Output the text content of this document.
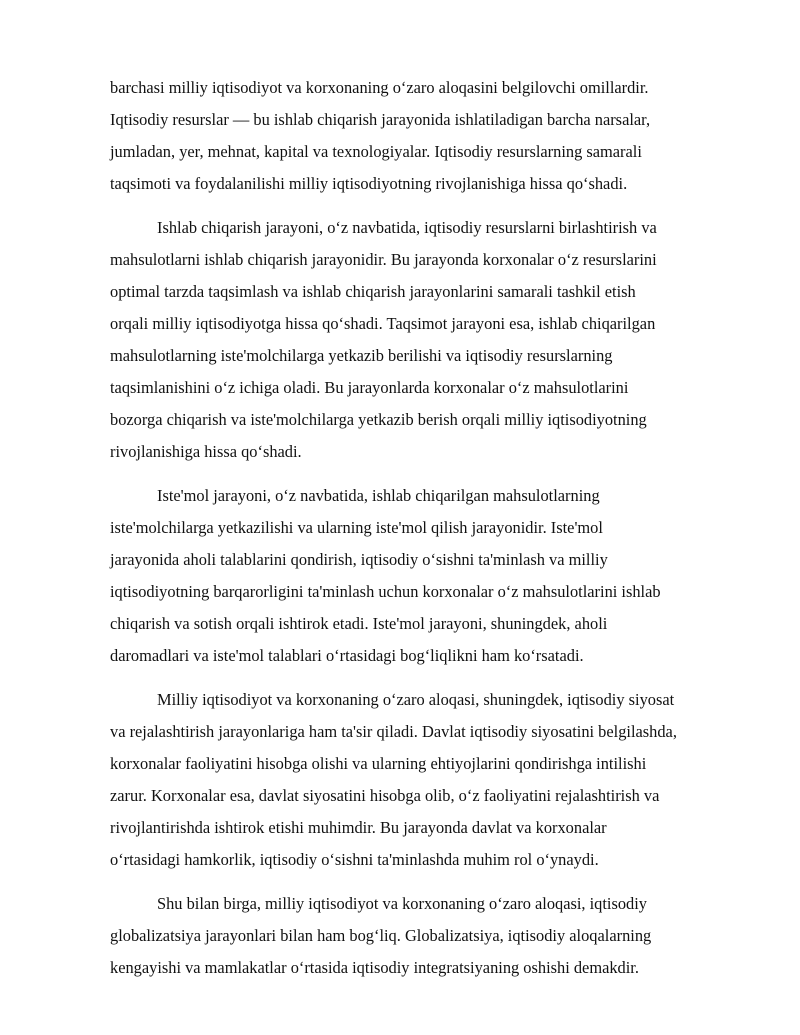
barchasi milliy iqtisodiyot va korxonaning o‘zaro aloqasini belgilovchi omillardir.
Iqtisodiy resurslar — bu ishlab chiqarish jarayonida ishlatiladigan barcha narsalar,
jumladan, yer, mehnat, kapital va texnologiyalar. Iqtisodiy resurslarning samarali
taqsimoti va foydalanilishi milliy iqtisodiyotning rivojlanishiga hissa qo‘shadi.

Ishlab chiqarish jarayoni, o‘z navbatida, iqtisodiy resurslarni birlashtirish va
mahsulotlarni ishlab chiqarish jarayonidir. Bu jarayonda korxonalar o‘z resurslarini
optimal tarzda taqsimlash va ishlab chiqarish jarayonlarini samarali tashkil etish
orqali milliy iqtisodiyotga hissa qo‘shadi. Taqsimot jarayoni esa, ishlab chiqarilgan
mahsulotlarning iste'molchilarga yetkazib berilishi va iqtisodiy resurslarning
taqsimlanishini o‘z ichiga oladi. Bu jarayonlarda korxonalar o‘z mahsulotlarini
bozorga chiqarish va iste'molchilarga yetkazib berish orqali milliy iqtisodiyotning
rivojlanishiga hissa qo‘shadi.

Iste'mol jarayoni, o‘z navbatida, ishlab chiqarilgan mahsulotlarning
iste'molchilarga yetkazilishi va ularning iste'mol qilish jarayonidir. Iste'mol
jarayonida aholi talablarini qondirish, iqtisodiy o‘sishni ta'minlash va milliy
iqtisodiyotning barqarorligini ta'minlash uchun korxonalar o‘z mahsulotlarini ishlab
chiqarish va sotish orqali ishtirok etadi. Iste'mol jarayoni, shuningdek, aholi
daromadlari va iste'mol talablari o‘rtasidagi bog‘liqlikni ham ko‘rsatadi.

Milliy iqtisodiyot va korxonaning o‘zaro aloqasi, shuningdek, iqtisodiy siyosat
va rejalashtirish jarayonlariga ham ta'sir qiladi. Davlat iqtisodiy siyosatini belgilashda,
korxonalar faoliyatini hisobga olishi va ularning ehtiyojlarini qondirishga intilishi
zarur. Korxonalar esa, davlat siyosatini hisobga olib, o‘z faoliyatini rejalashtirish va
rivojlantirishda ishtirok etishi muhimdir. Bu jarayonda davlat va korxonalar
o‘rtasidagi hamkorlik, iqtisodiy o‘sishni ta'minlashda muhim rol o‘ynaydi.

Shu bilan birga, milliy iqtisodiyot va korxonaning o‘zaro aloqasi, iqtisodiy
globalizatsiya jarayonlari bilan ham bog‘liq. Globalizatsiya, iqtisodiy aloqalarning
kengayishi va mamlakatlar o‘rtasida iqtisodiy integratsiyaning oshishi demakdir.
